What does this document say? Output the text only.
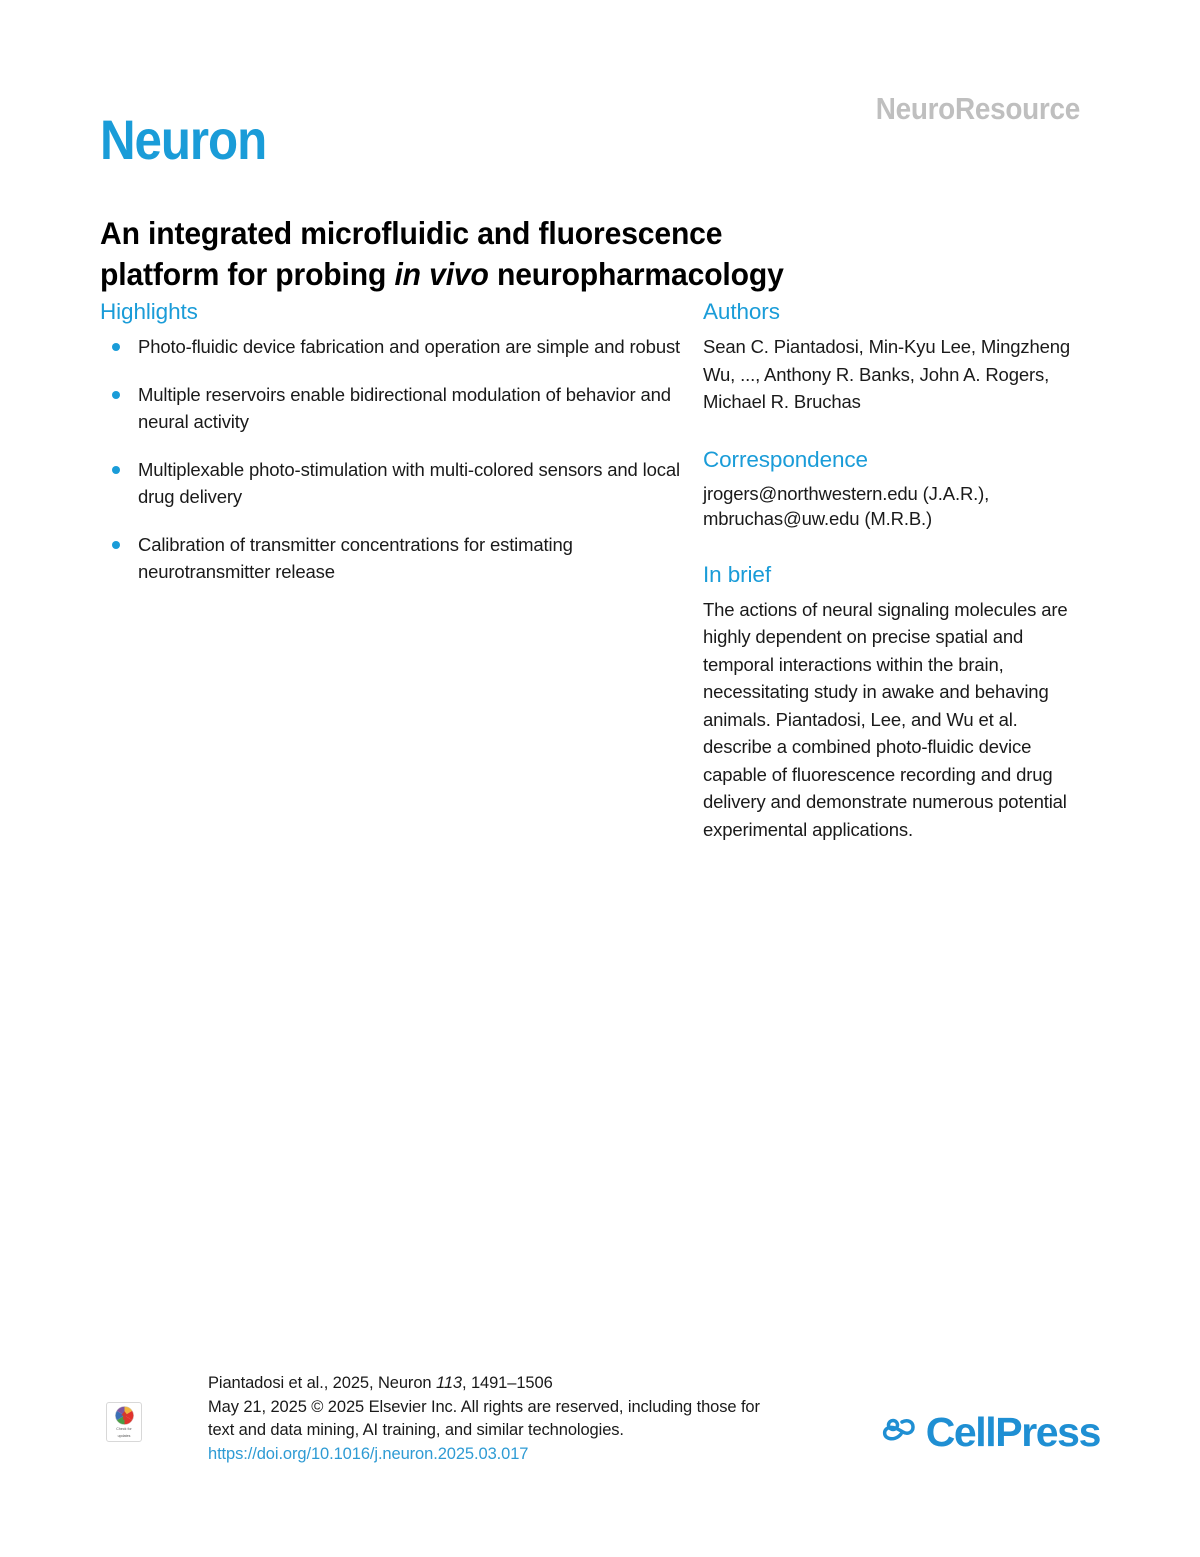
Neuron	NeuroResource
An integrated microfluidic and fluorescence
platform for probing in vivo neuropharmacology
Highlights
Photo-fluidic device fabrication and operation are simple and robust
Multiple reservoirs enable bidirectional modulation of behavior and neural activity
Multiplexable photo-stimulation with multi-colored sensors and local drug delivery
Calibration of transmitter concentrations for estimating neurotransmitter release
Authors

Sean C. Piantadosi, Min-Kyu Lee, Mingzheng Wu, ..., Anthony R. Banks, John A. Rogers, Michael R. Bruchas

Correspondence

jrogers@northwestern.edu (J.A.R.),
mbruchas@uw.edu (M.R.B.)

In brief

The actions of neural signaling molecules are highly dependent on precise spatial and temporal interactions within the brain, necessitating study in awake and behaving animals. Piantadosi, Lee, and Wu et al. describe a combined photo-fluidic device capable of fluorescence recording and drug delivery and demonstrate numerous potential experimental applications.

Check for
updates
Piantadosi et al., 2025, Neuron 113, 1491–1506
May 21, 2025 © 2025 Elsevier Inc. All rights are reserved, including those for
text and data mining, AI training, and similar technologies.
https://doi.org/10.1016/j.neuron.2025.03.017	CellPress
